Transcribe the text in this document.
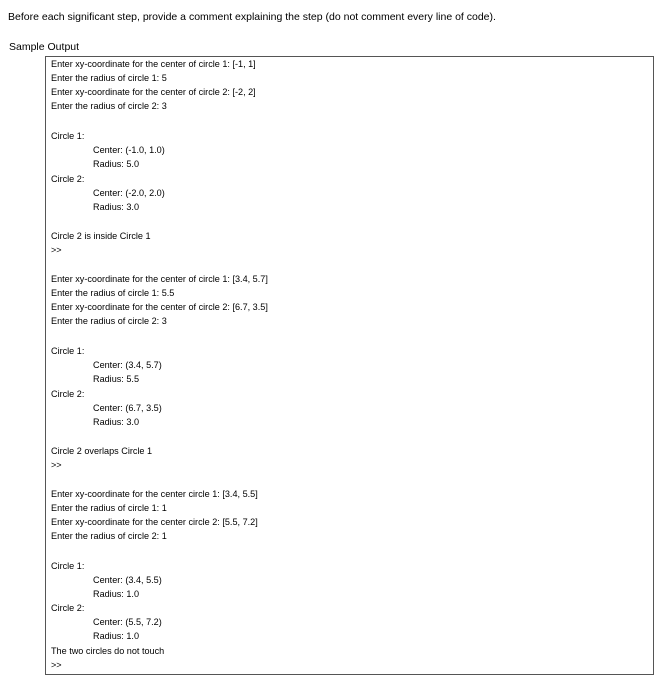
Before each significant step, provide a comment explaining the step (do not comment every line of code).
Sample Output
Enter xy-coordinate for the center of circle 1: [-1, 1]
Enter the radius of circle 1: 5
Enter xy-coordinate for the center of circle 2: [-2, 2]
Enter the radius of circle 2: 3
Circle 1:
Center: (-1.0, 1.0)
Radius: 5.0
Circle 2:
Center: (-2.0, 2.0)
Radius: 3.0
Circle 2 is inside Circle 1
>>
Enter xy-coordinate for the center of circle 1: [3.4, 5.7]
Enter the radius of circle 1: 5.5
Enter xy-coordinate for the center of circle 2: [6.7, 3.5]
Enter the radius of circle 2: 3
Circle 1:
Center: (3.4, 5.7)
Radius: 5.5
Circle 2:
Center: (6.7, 3.5)
Radius: 3.0
Circle 2 overlaps Circle 1
>>
Enter xy-coordinate for the center circle 1: [3.4, 5.5]
Enter the radius of circle 1: 1
Enter xy-coordinate for the center circle 2: [5.5, 7.2]
Enter the radius of circle 2: 1
Circle 1:
Center: (3.4, 5.5)
Radius: 1.0
Circle 2:
Center: (5.5, 7.2)
Radius: 1.0
The two circles do not touch
>>
